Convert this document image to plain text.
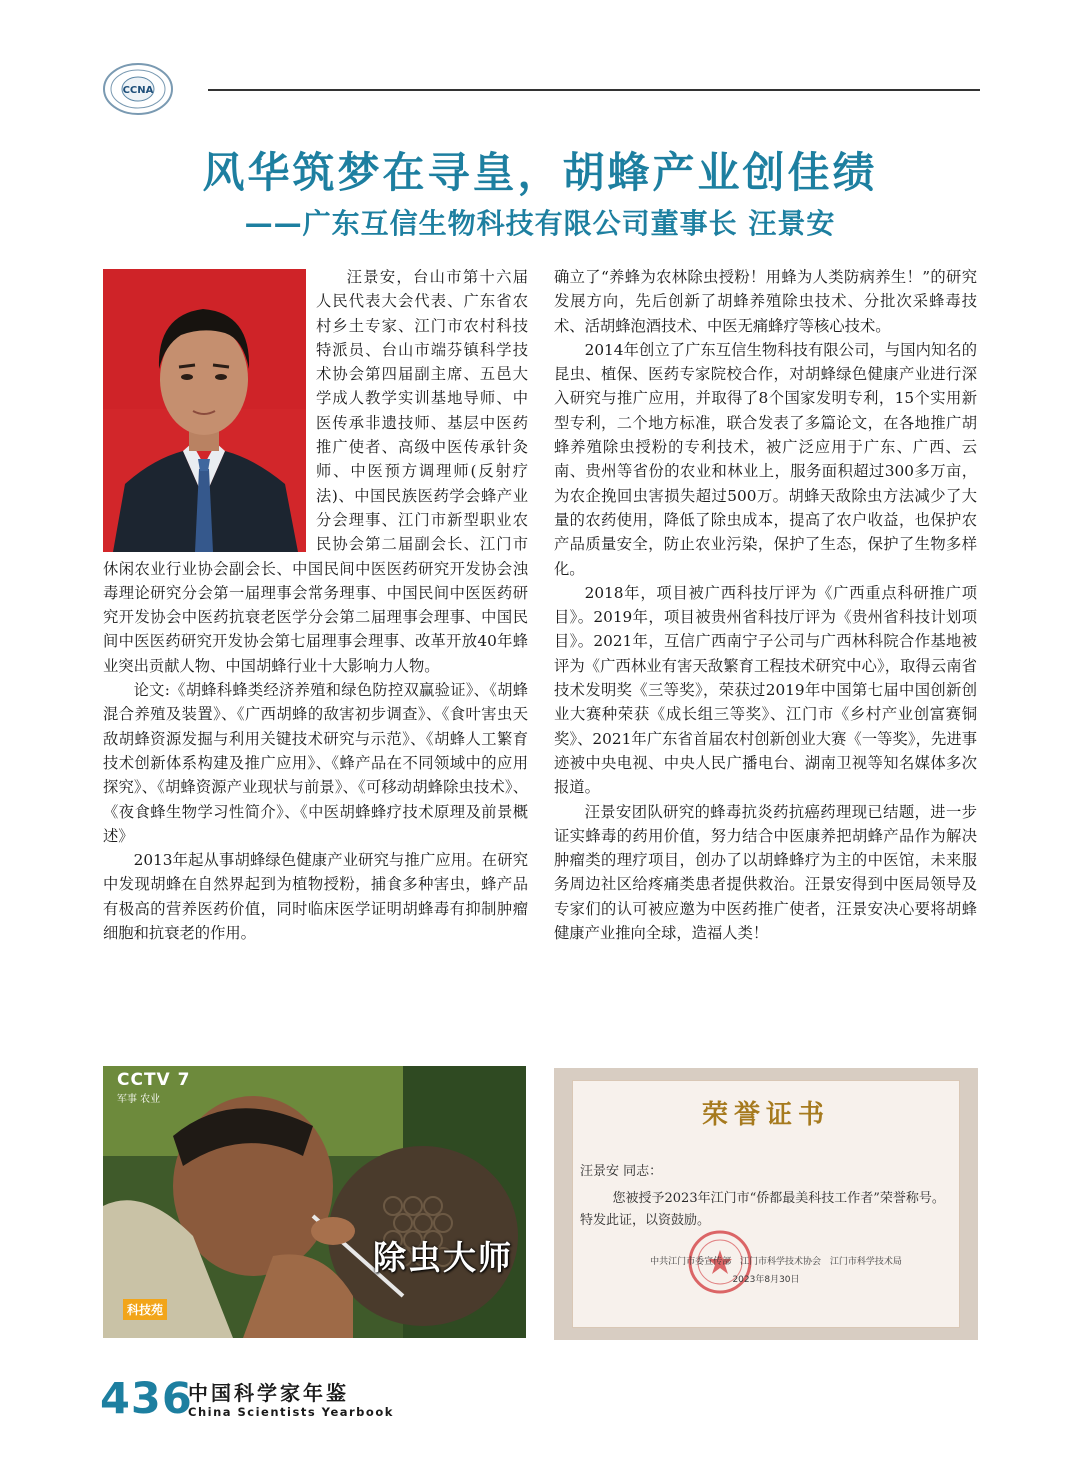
CCNA
风华筑梦在寻皇，胡蜂产业创佳绩
——广东互信生物科技有限公司董事长 汪景安

汪景安，台山市第十六届人民代表大会代表、广东省农村乡土专家、江门市农村科技特派员、台山市端芬镇科学技术协会第四届副主席、五邑大学成人教学实训基地导师、中医传承非遗技师、基层中医药推广使者、高级中医传承针灸师、中医预方调理师(反射疗法)、中国民族医药学会蜂产业分会理事、江门市新型职业农民协会第二届副会长、江门市休闲农业行业协会副会长、中国民间中医医药研究开发协会浊毒理论研究分会第一届理事会常务理事、中国民间中医医药研究开发协会中医药抗衰老医学分会第二届理事会理事、中国民间中医医药研究开发协会第七届理事会理事、改革开放40年蜂业突出贡献人物、中国胡蜂行业十大影响力人物。

论文:《胡蜂科蜂类经济养殖和绿色防控双赢验证》、《胡蜂混合养殖及装置》、《广西胡蜂的敌害初步调查》、《食叶害虫天敌胡蜂资源发掘与利用关键技术研究与示范》、《胡蜂人工繁育技术创新体系构建及推广应用》、《蜂产品在不同领域中的应用探究》、《胡蜂资源产业现状与前景》、《可移动胡蜂除虫技术》、《夜食蜂生物学习性简介》、《中医胡蜂蜂疗技术原理及前景概述》

2013年起从事胡蜂绿色健康产业研究与推广应用。在研究中发现胡蜂在自然界起到为植物授粉，捕食多种害虫，蜂产品有极高的营养医药价值，同时临床医学证明胡蜂毒有抑制肿瘤细胞和抗衰老的作用。

确立了“养蜂为农林除虫授粉！用蜂为人类防病养生！”的研究发展方向，先后创新了胡蜂养殖除虫技术、分批次采蜂毒技术、活胡蜂泡酒技术、中医无痛蜂疗等核心技术。

2014年创立了广东互信生物科技有限公司，与国内知名的昆虫、植保、医药专家院校合作，对胡蜂绿色健康产业进行深入研究与推广应用，并取得了8个国家发明专利，15个实用新型专利，二个地方标准，联合发表了多篇论文，在各地推广胡蜂养殖除虫授粉的专利技术，被广泛应用于广东、广西、云南、贵州等省份的农业和林业上，服务面积超过300多万亩，为农企挽回虫害损失超过500万。胡蜂天敌除虫方法减少了大量的农药使用，降低了除虫成本，提高了农户收益，也保护农产品质量安全，防止农业污染，保护了生态，保护了生物多样化。

2018年，项目被广西科技厅评为《广西重点科研推广项目》。2019年，项目被贵州省科技厅评为《贵州省科技计划项目》。2021年，互信广西南宁子公司与广西林科院合作基地被评为《广西林业有害天敌繁育工程技术研究中心》，取得云南省技术发明奖《三等奖》，荣获过2019年中国第七届中国创新创业大赛种荣获《成长组三等奖》、江门市《乡村产业创富赛铜奖》、2021年广东省首届农村创新创业大赛《一等奖》，先进事迹被中央电视、中央人民广播电台、湖南卫视等知名媒体多次报道。

汪景安团队研究的蜂毒抗炎药抗癌药理现已结题，进一步证实蜂毒的药用价值，努力结合中医康养把胡蜂产品作为解决肿瘤类的理疗项目，创办了以胡蜂蜂疗为主的中医馆，未来服务周边社区给疼痛类患者提供救治。汪景安得到中医局领导及专家们的认可被应邀为中医药推广使者，汪景安决心要将胡蜂健康产业推向全球，造福人类！

CCTV 7
军事 农业
除虫大师
科技苑
荣誉证书
汪景安 同志：
您被授予2023年江门市“侨都最美科技工作者”荣誉称号。特发此证，以资鼓励。
中共江门市委宣传部 江门市科学技术协会 江门市科学技术局
2023年8月30日
436
中国科学家年鉴
China Scientists Yearbook
